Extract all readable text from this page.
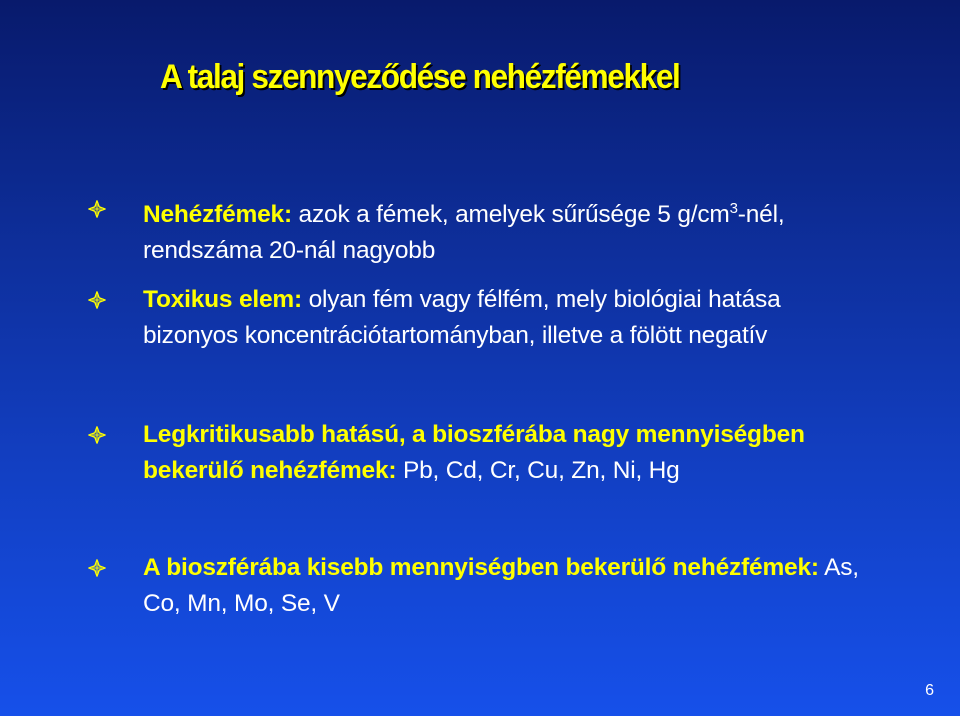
A talaj szennyeződése nehézfémekkel
Nehézfémek: azok a fémek, amelyek sűrűsége 5 $g/cm^3$-nél, rendszáma 20-nál nagyobb
Toxikus elem: olyan fém vagy félfém, mely biológiai hatása bizonyos koncentrációtartományban, illetve a fölött negatív
Legkritikusabb hatású, a bioszférába nagy mennyiségben bekerülő nehézfémek: Pb, Cd, Cr, Cu, Zn, Ni, Hg
A bioszférába kisebb mennyiségben bekerülő nehézfémek: As, Co, Mn, Mo, Se, V
6
